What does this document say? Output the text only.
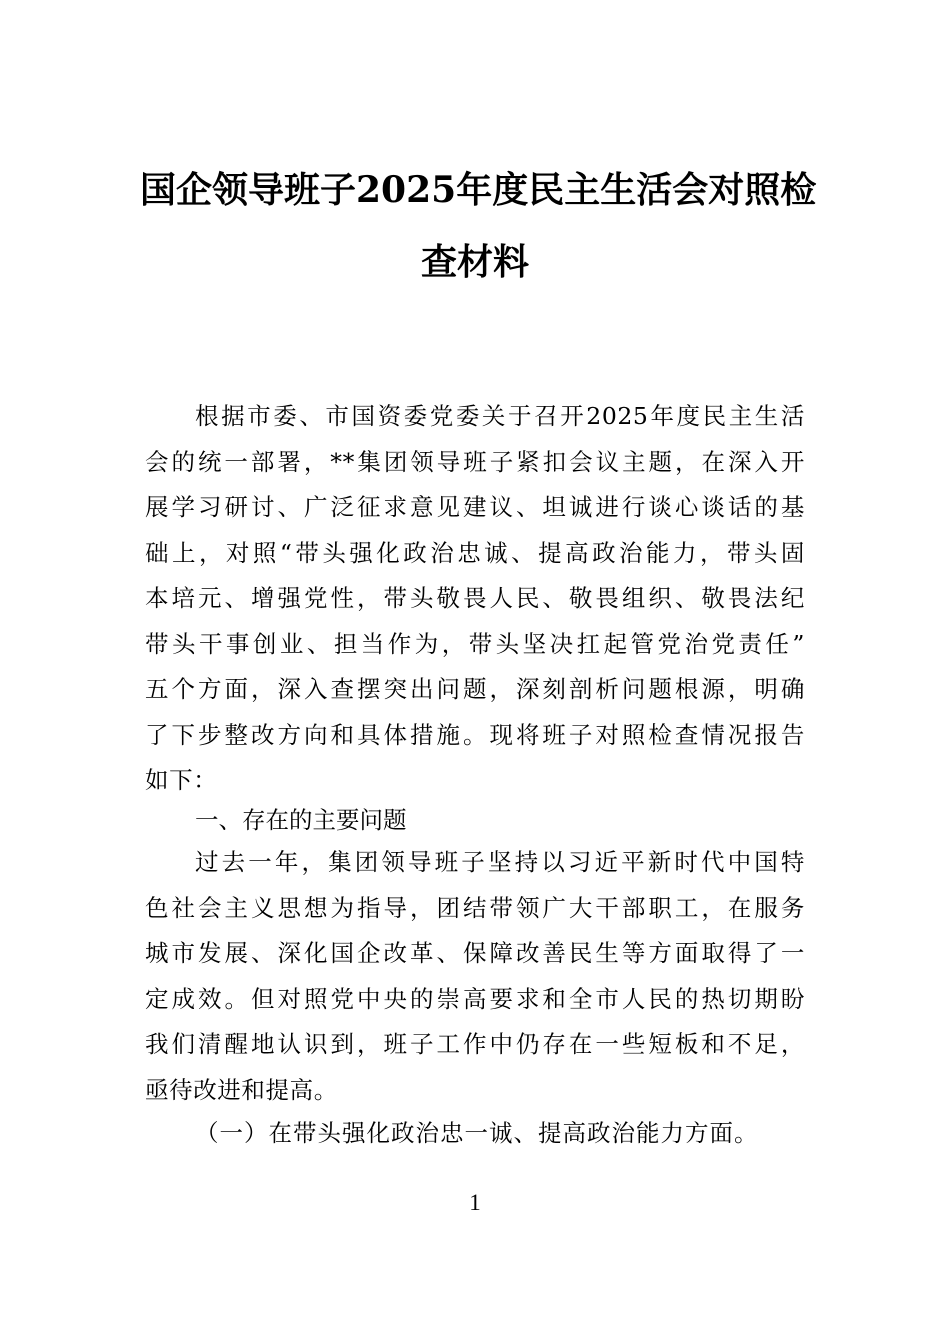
国企领导班子2025年度民主生活会对照检
查材料
根据市委、市国资委党委关于召开2025年度民主生活
会的统一部署，**集团领导班子紧扣会议主题，在深入开
展学习研讨、广泛征求意见建议、坦诚进行谈心谈话的基
础上，对照“带头强化政治忠诚、提高政治能力，带头固
本培元、增强党性，带头敬畏人民、敬畏组织、敬畏法纪
带头干事创业、担当作为，带头坚决扛起管党治党责任”
五个方面，深入查摆突出问题，深刻剖析问题根源，明确
了下步整改方向和具体措施。现将班子对照检查情况报告
如下：
一、存在的主要问题
过去一年，集团领导班子坚持以习近平新时代中国特
色社会主义思想为指导，团结带领广大干部职工，在服务
城市发展、深化国企改革、保障改善民生等方面取得了一
定成效。但对照党中央的崇高要求和全市人民的热切期盼
我们清醒地认识到，班子工作中仍存在一些短板和不足，
亟待改进和提高。
（一）在带头强化政治忠一诚、提高政治能力方面。
1
